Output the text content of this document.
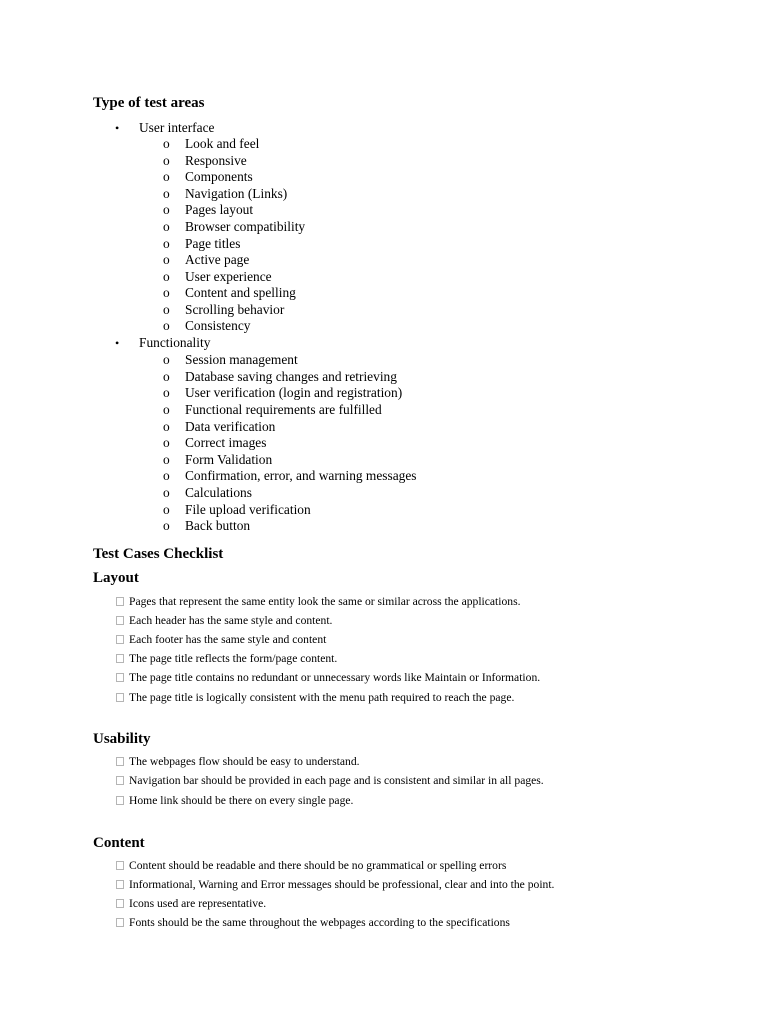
Type of test areas
• User interface
o Look and feel
o Responsive
o Components
o Navigation (Links)
o Pages layout
o Browser compatibility
o Page titles
o Active page
o User experience
o Content and spelling
o Scrolling behavior
o Consistency
• Functionality
o Session management
o Database saving changes and retrieving
o User verification (login and registration)
o Functional requirements are fulfilled
o Data verification
o Correct images
o Form Validation
o Confirmation, error, and warning messages
o Calculations
o File upload verification
o Back button
Test Cases Checklist
Layout
Pages that represent the same entity look the same or similar across the applications.
Each header has the same style and content.
Each footer has the same style and content
The page title reflects the form/page content.
The page title contains no redundant or unnecessary words like Maintain or Information.
The page title is logically consistent with the menu path required to reach the page.
Usability
The webpages flow should be easy to understand.
Navigation bar should be provided in each page and is consistent and similar in all pages.
Home link should be there on every single page.
Content
Content should be readable and there should be no grammatical or spelling errors
Informational, Warning and Error messages should be professional, clear and into the point.
Icons used are representative.
Fonts should be the same throughout the webpages according to the specifications
